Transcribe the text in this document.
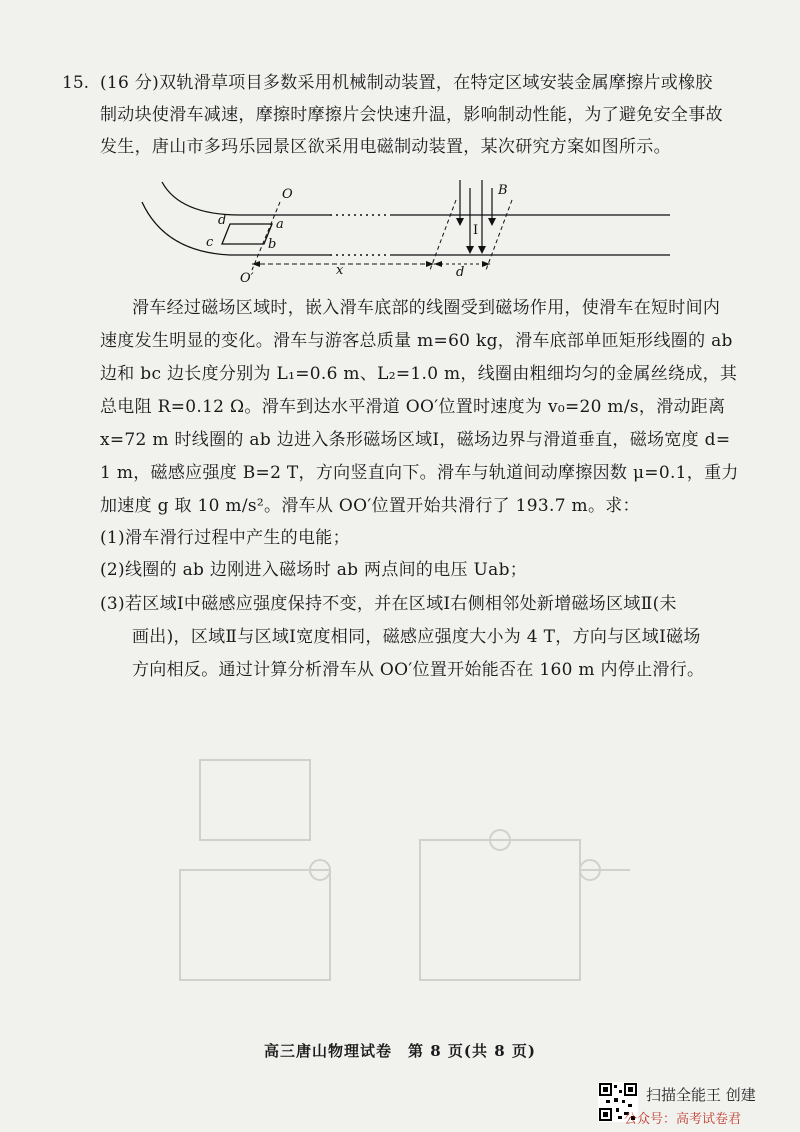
15. (16 分)双轨滑草项目多数采用机械制动装置，在特定区域安装金属摩擦片或橡胶
制动块使滑车减速，摩擦时摩擦片会快速升温，影响制动性能，为了避免安全事故
发生，唐山市多玛乐园景区欲采用电磁制动装置，某次研究方案如图所示。
O
O′
a
b
c
d
x	d
B
Ⅰ
滑车经过磁场区域时，嵌入滑车底部的线圈受到磁场作用，使滑车在短时间内
速度发生明显的变化。滑车与游客总质量 m=60 kg，滑车底部单匝矩形线圈的 ab
边和 bc 边长度分别为 L₁=0.6 m、L₂=1.0 m，线圈由粗细均匀的金属丝绕成，其
总电阻 R=0.12 Ω。滑车到达水平滑道 OO′位置时速度为 v₀=20 m/s，滑动距离
x=72 m 时线圈的 ab 边进入条形磁场区域Ⅰ，磁场边界与滑道垂直，磁场宽度 d=
1 m，磁感应强度 B=2 T，方向竖直向下。滑车与轨道间动摩擦因数 μ=0.1，重力
加速度 g 取 10 m/s²。滑车从 OO′位置开始共滑行了 193.7 m。求：
(1)滑车滑行过程中产生的电能；
(2)线圈的 ab 边刚进入磁场时 ab 两点间的电压 Uab；
(3)若区域Ⅰ中磁感应强度保持不变，并在区域Ⅰ右侧相邻处新增磁场区域Ⅱ(未
画出)，区域Ⅱ与区域Ⅰ宽度相同，磁感应强度大小为 4 T，方向与区域Ⅰ磁场
方向相反。通过计算分析滑车从 OO′位置开始能否在 160 m 内停止滑行。
高三唐山物理试卷　第 8 页(共 8 页)
扫描全能王 创建
公众号：高考试卷君
